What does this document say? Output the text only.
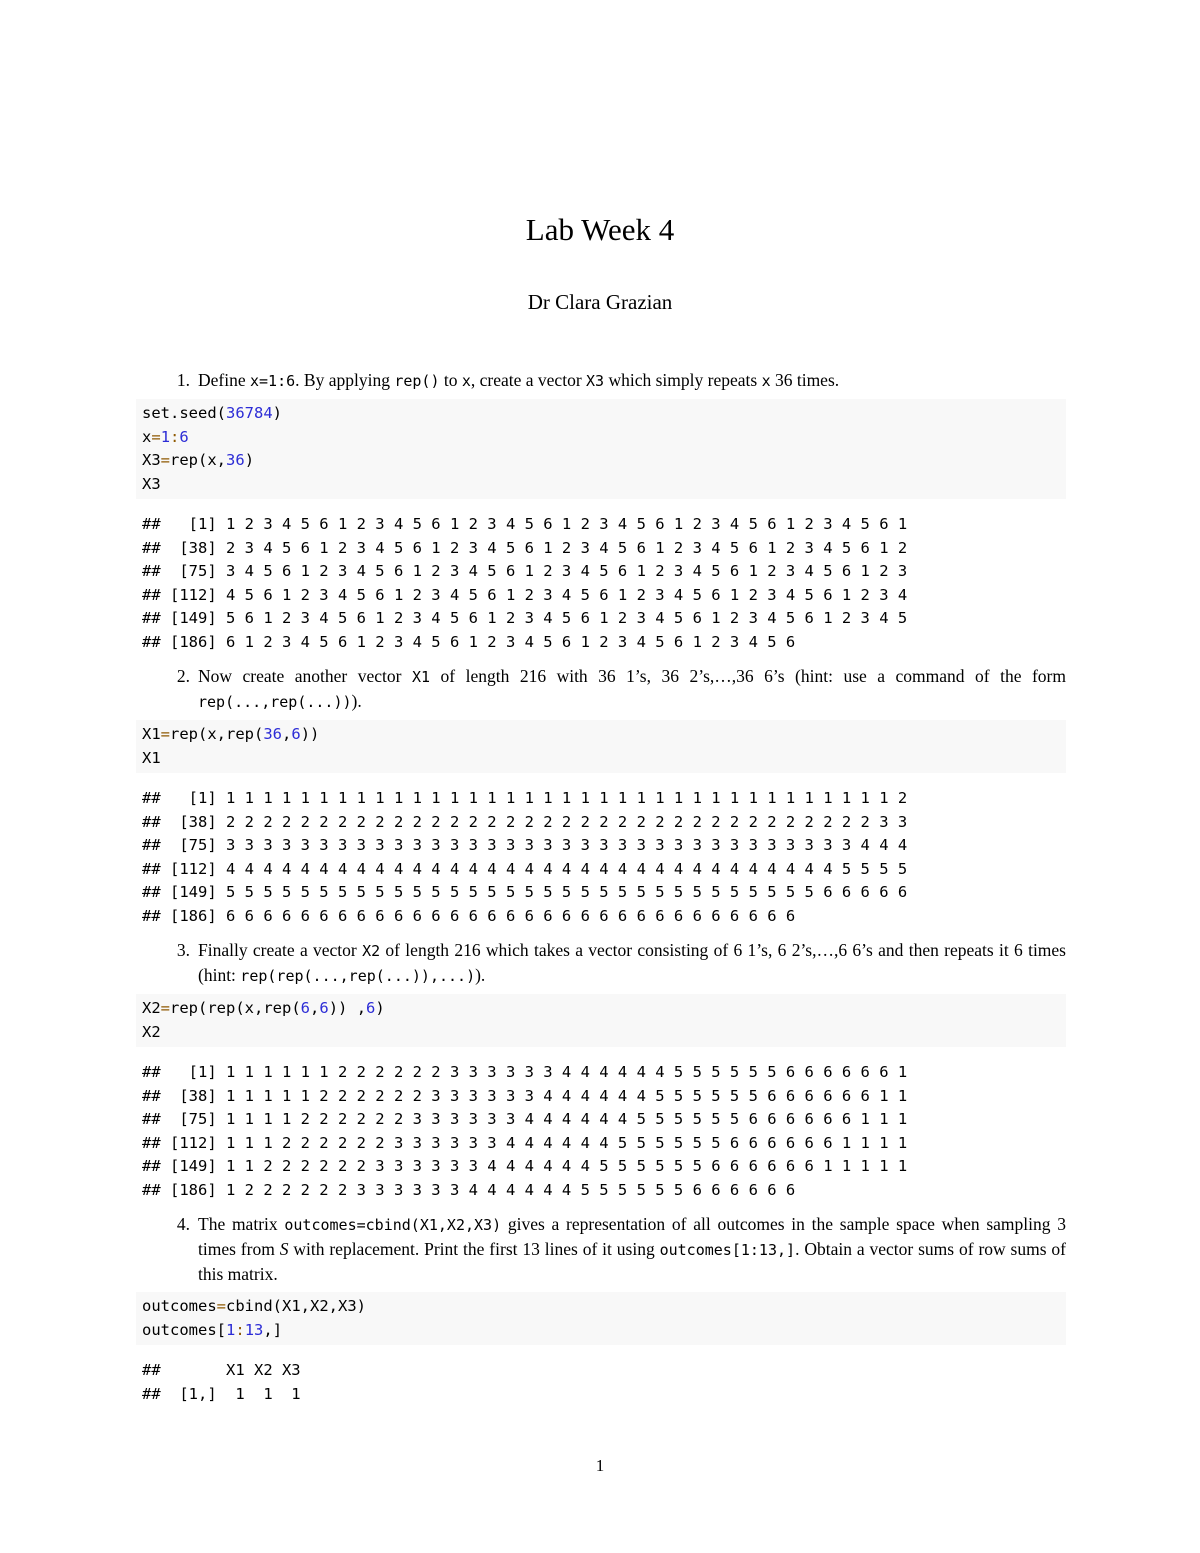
Lab Week 4
Dr Clara Grazian
1. Define x=1:6. By applying rep() to x, create a vector X3 which simply repeats x 36 times.
set.seed(36784)
x=1:6
X3=rep(x,36)
X3
##   [1] 1 2 3 4 5 6 1 2 3 4 5 6 1 2 3 4 5 6 1 2 3 4 5 6 1 2 3 4 5 6 1 2 3 4 5 6 1
##  [38] 2 3 4 5 6 1 2 3 4 5 6 1 2 3 4 5 6 1 2 3 4 5 6 1 2 3 4 5 6 1 2 3 4 5 6 1 2
##  [75] 3 4 5 6 1 2 3 4 5 6 1 2 3 4 5 6 1 2 3 4 5 6 1 2 3 4 5 6 1 2 3 4 5 6 1 2 3
## [112] 4 5 6 1 2 3 4 5 6 1 2 3 4 5 6 1 2 3 4 5 6 1 2 3 4 5 6 1 2 3 4 5 6 1 2 3 4
## [149] 5 6 1 2 3 4 5 6 1 2 3 4 5 6 1 2 3 4 5 6 1 2 3 4 5 6 1 2 3 4 5 6 1 2 3 4 5
## [186] 6 1 2 3 4 5 6 1 2 3 4 5 6 1 2 3 4 5 6 1 2 3 4 5 6 1 2 3 4 5 6
2. Now create another vector X1 of length 216 with 36 1’s, 36 2’s,…,36 6’s (hint: use a command of the form rep(...,rep(...))).
X1=rep(x,rep(36,6))
X1
##   [1] 1 1 1 1 1 1 1 1 1 1 1 1 1 1 1 1 1 1 1 1 1 1 1 1 1 1 1 1 1 1 1 1 1 1 1 1 2
##  [38] 2 2 2 2 2 2 2 2 2 2 2 2 2 2 2 2 2 2 2 2 2 2 2 2 2 2 2 2 2 2 2 2 2 2 2 3 3
##  [75] 3 3 3 3 3 3 3 3 3 3 3 3 3 3 3 3 3 3 3 3 3 3 3 3 3 3 3 3 3 3 3 3 3 3 4 4 4
## [112] 4 4 4 4 4 4 4 4 4 4 4 4 4 4 4 4 4 4 4 4 4 4 4 4 4 4 4 4 4 4 4 4 4 5 5 5 5
## [149] 5 5 5 5 5 5 5 5 5 5 5 5 5 5 5 5 5 5 5 5 5 5 5 5 5 5 5 5 5 5 5 5 6 6 6 6 6
## [186] 6 6 6 6 6 6 6 6 6 6 6 6 6 6 6 6 6 6 6 6 6 6 6 6 6 6 6 6 6 6 6
3. Finally create a vector X2 of length 216 which takes a vector consisting of 6 1’s, 6 2’s,…,6 6’s and then repeats it 6 times (hint: rep(rep(...,rep(...)),...)).
X2=rep(rep(x,rep(6,6)) ,6)
X2
##   [1] 1 1 1 1 1 1 2 2 2 2 2 2 3 3 3 3 3 3 4 4 4 4 4 4 5 5 5 5 5 5 6 6 6 6 6 6 1
##  [38] 1 1 1 1 1 2 2 2 2 2 2 3 3 3 3 3 3 4 4 4 4 4 4 5 5 5 5 5 5 6 6 6 6 6 6 1 1
##  [75] 1 1 1 1 2 2 2 2 2 2 3 3 3 3 3 3 4 4 4 4 4 4 5 5 5 5 5 5 6 6 6 6 6 6 1 1 1
## [112] 1 1 1 2 2 2 2 2 2 3 3 3 3 3 3 4 4 4 4 4 4 5 5 5 5 5 5 6 6 6 6 6 6 1 1 1 1
## [149] 1 1 2 2 2 2 2 2 3 3 3 3 3 3 4 4 4 4 4 4 5 5 5 5 5 5 6 6 6 6 6 6 1 1 1 1 1
## [186] 1 2 2 2 2 2 2 3 3 3 3 3 3 4 4 4 4 4 4 5 5 5 5 5 5 6 6 6 6 6 6
4. The matrix outcomes=cbind(X1,X2,X3) gives a representation of all outcomes in the sample space when sampling 3 times from S with replacement. Print the first 13 lines of it using outcomes[1:13,]. Obtain a vector sums of row sums of this matrix.
outcomes=cbind(X1,X2,X3)
outcomes[1:13,]
##       X1 X2 X3
##  [1,]  1  1  1
1
